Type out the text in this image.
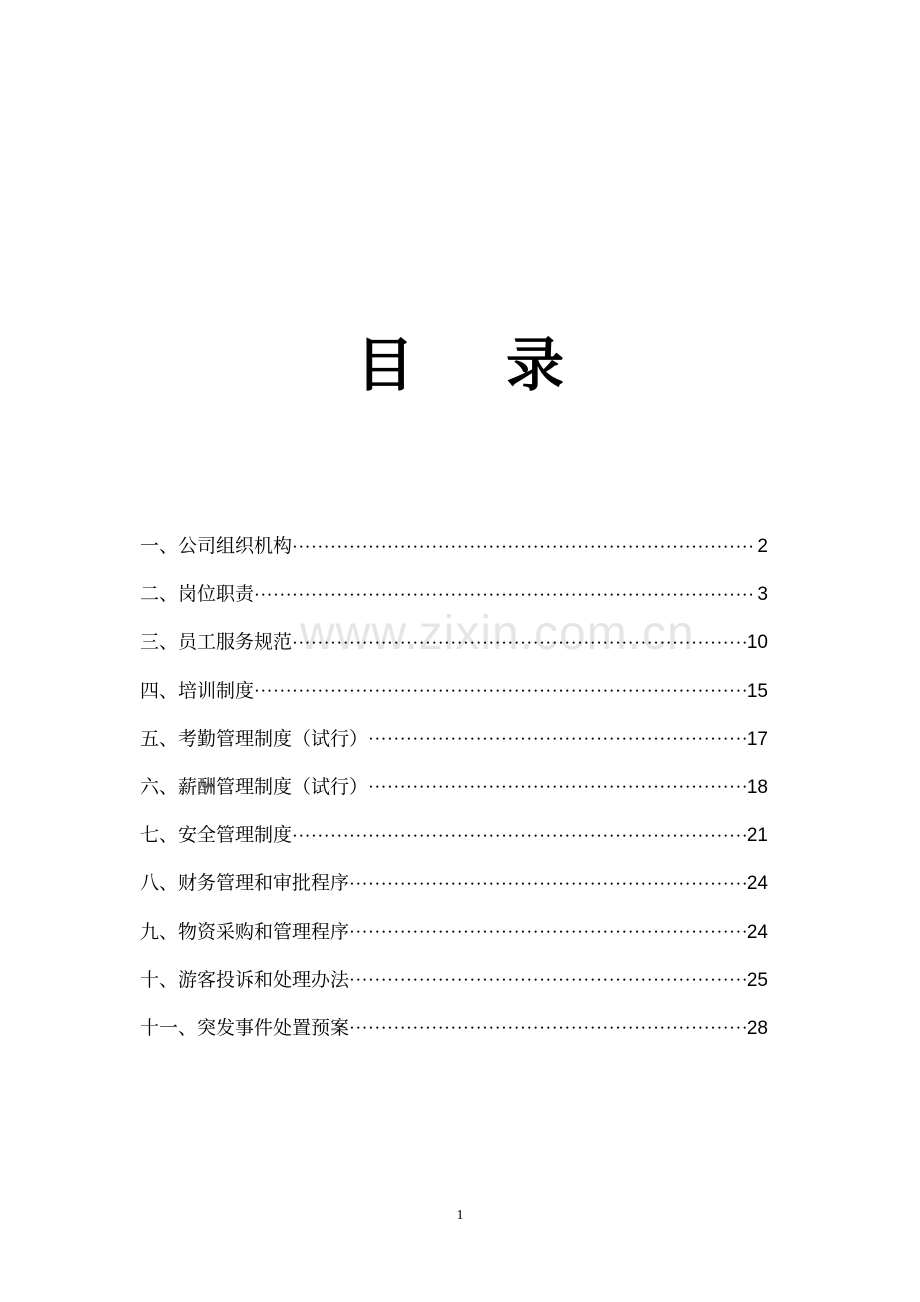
目 录
www.zixin.com.cn
一、公司组织机构 •••••	2
二、岗位职责 •••••	3
三、员工服务规范 •••••	10
四、培训制度 •••••	15
五、考勤管理制度（试行） •••••	17
六、薪酬管理制度（试行） •••••	18
七、安全管理制度 •••••	21
八、财务管理和审批程序 •••••	24
九、物资采购和管理程序 •••••	24
十、游客投诉和处理办法 •••••	25
十一、突发事件处置预案 •••••	28
1
